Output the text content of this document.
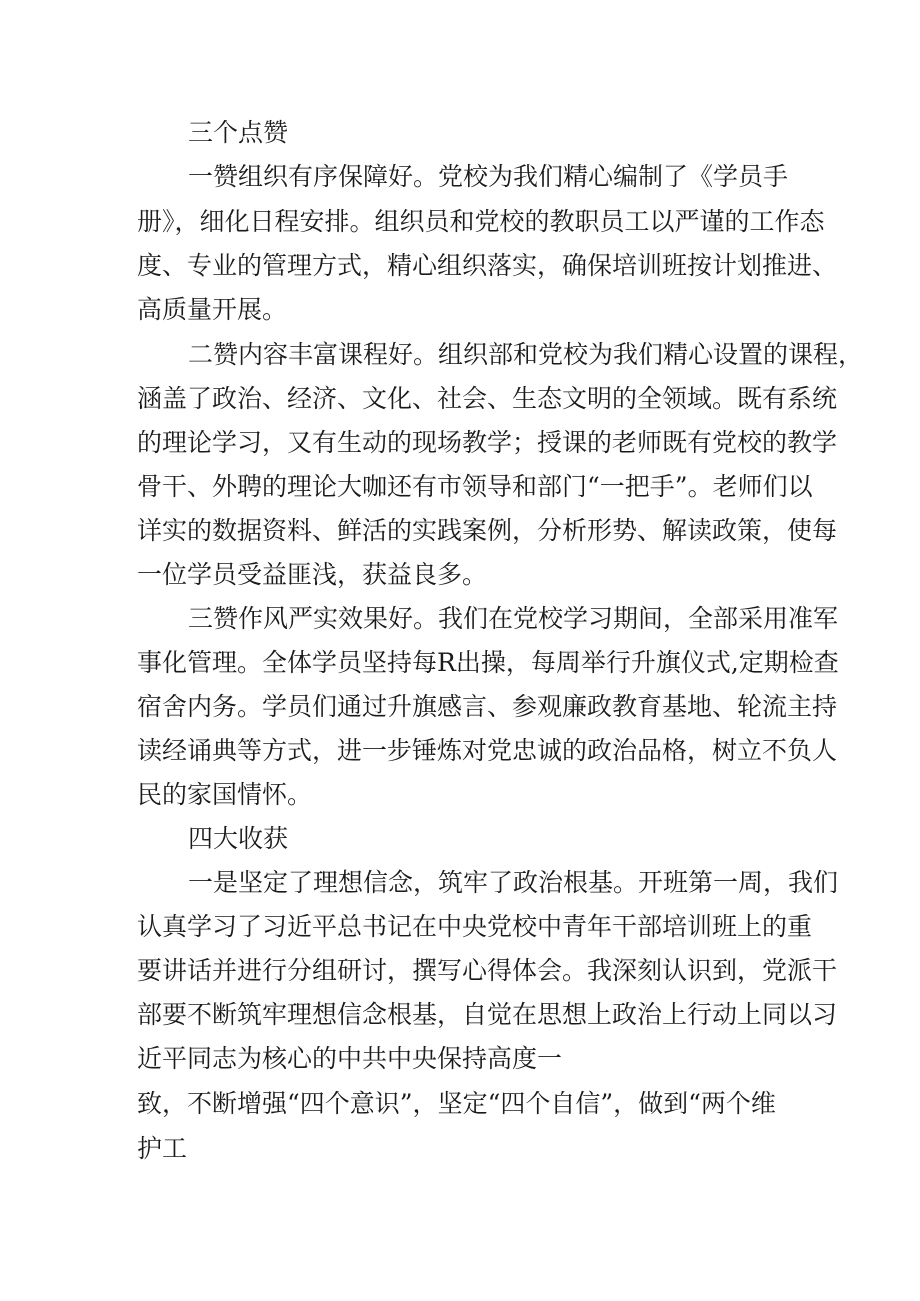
三个点赞
一赞组织有序保障好。党校为我们精心编制了《学员手
册》，细化日程安排。组织员和党校的教职员工以严谨的工作态
度、专业的管理方式，精心组织落实，确保培训班按计划推进、
高质量开展。
二赞内容丰富课程好。组织部和党校为我们精心设置的课程，
涵盖了政治、经济、文化、社会、生态文明的全领域。既有系统
的理论学习，又有生动的现场教学；授课的老师既有党校的教学
骨干、外聘的理论大咖还有市领导和部门“一把手”。老师们以
详实的数据资料、鲜活的实践案例，分析形势、解读政策，使每
一位学员受益匪浅，获益良多。
三赞作风严实效果好。我们在党校学习期间，全部采用准军
事化管理。全体学员坚持每R出操，每周举行升旗仪式,定期检查
宿舍内务。学员们通过升旗感言、参观廉政教育基地、轮流主持
读经诵典等方式，进一步锤炼对党忠诚的政治品格，树立不负人
民的家国情怀。
四大收获
一是坚定了理想信念，筑牢了政治根基。开班第一周，我们
认真学习了习近平总书记在中央党校中青年干部培训班上的重
要讲话并进行分组研讨，撰写心得体会。我深刻认识到，党派干
部要不断筑牢理想信念根基，自觉在思想上政治上行动上同以习
近平同志为核心的中共中央保持高度一
致，不断增强“四个意识”，坚定“四个自信”，做到“两个维
护工
